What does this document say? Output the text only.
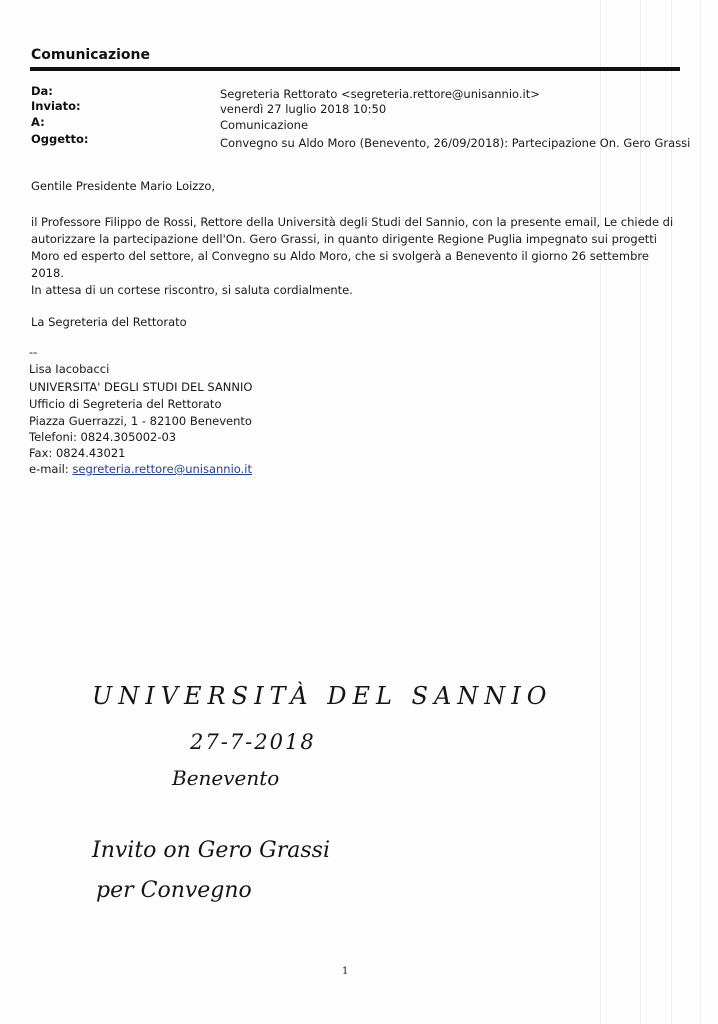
Comunicazione
Da:	Segreteria Rettorato <segreteria.rettore@unisannio.it>
Inviato:	venerdì 27 luglio 2018 10:50
A:	Comunicazione
Oggetto:	Convegno su Aldo Moro (Benevento, 26/09/2018): Partecipazione On. Gero Grassi
Gentile Presidente Mario Loizzo,
il Professore Filippo de Rossi, Rettore della Università degli Studi del Sannio, con la presente email, Le chiede di autorizzare la partecipazione dell'On. Gero Grassi, in quanto dirigente Regione Puglia impegnato sui progetti Moro ed esperto del settore, al Convegno su Aldo Moro, che si svolgerà a Benevento il giorno 26 settembre 2018.
In attesa di un cortese riscontro, si saluta cordialmente.
La Segreteria del Rettorato
--
Lisa Iacobacci
UNIVERSITA' DEGLI STUDI DEL SANNIO
Ufficio di Segreteria del Rettorato
Piazza Guerrazzi, 1 - 82100 Benevento
Telefoni: 0824.305002-03
Fax: 0824.43021
e-mail: segreteria.rettore@unisannio.it
UNIVERSITÀ DEL SANNIO
27-7-2018
Benevento
Invito on Gero Grassi
per Convegno
1
